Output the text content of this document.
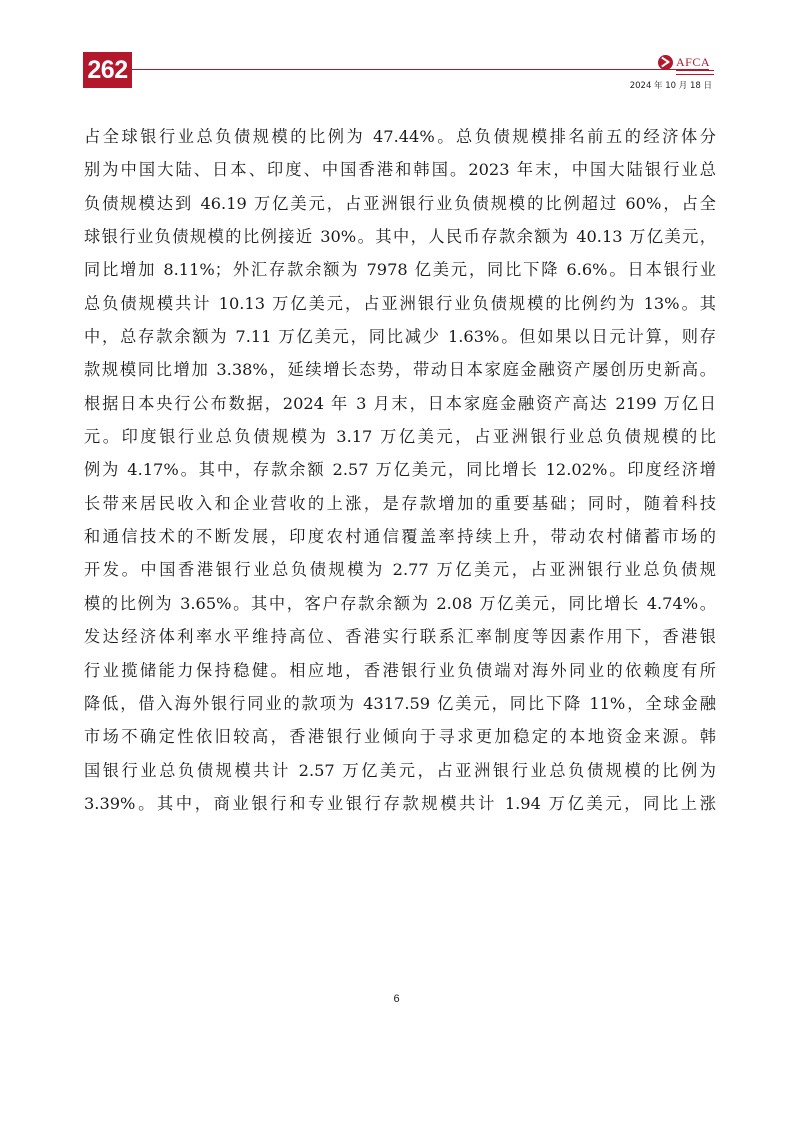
262	AFCA
2024 年 10 月 18 日
占全球银行业总负债规模的比例为 47.44%。总负债规模排名前五的经济体分
别为中国大陆、日本、印度、中国香港和韩国。2023 年末，中国大陆银行业总
负债规模达到 46.19 万亿美元，占亚洲银行业负债规模的比例超过 60%，占全
球银行业负债规模的比例接近 30%。其中，人民币存款余额为 40.13 万亿美元，
同比增加 8.11%；外汇存款余额为 7978 亿美元，同比下降 6.6%。日本银行业
总负债规模共计 10.13 万亿美元，占亚洲银行业负债规模的比例约为 13%。其
中，总存款余额为 7.11 万亿美元，同比减少 1.63%。但如果以日元计算，则存
款规模同比增加 3.38%，延续增长态势，带动日本家庭金融资产屡创历史新高。
根据日本央行公布数据，2024 年 3 月末，日本家庭金融资产高达 2199 万亿日
元。印度银行业总负债规模为 3.17 万亿美元，占亚洲银行业总负债规模的比
例为 4.17%。其中，存款余额 2.57 万亿美元，同比增长 12.02%。印度经济增
长带来居民收入和企业营收的上涨，是存款增加的重要基础；同时，随着科技
和通信技术的不断发展，印度农村通信覆盖率持续上升，带动农村储蓄市场的
开发。中国香港银行业总负债规模为 2.77 万亿美元，占亚洲银行业总负债规
模的比例为 3.65%。其中，客户存款余额为 2.08 万亿美元，同比增长 4.74%。
发达经济体利率水平维持高位、香港实行联系汇率制度等因素作用下，香港银
行业揽储能力保持稳健。相应地，香港银行业负债端对海外同业的依赖度有所
降低，借入海外银行同业的款项为 4317.59 亿美元，同比下降 11%，全球金融
市场不确定性依旧较高，香港银行业倾向于寻求更加稳定的本地资金来源。韩
国银行业总负债规模共计 2.57 万亿美元，占亚洲银行业总负债规模的比例为
3.39%。其中，商业银行和专业银行存款规模共计 1.94 万亿美元，同比上涨
6
